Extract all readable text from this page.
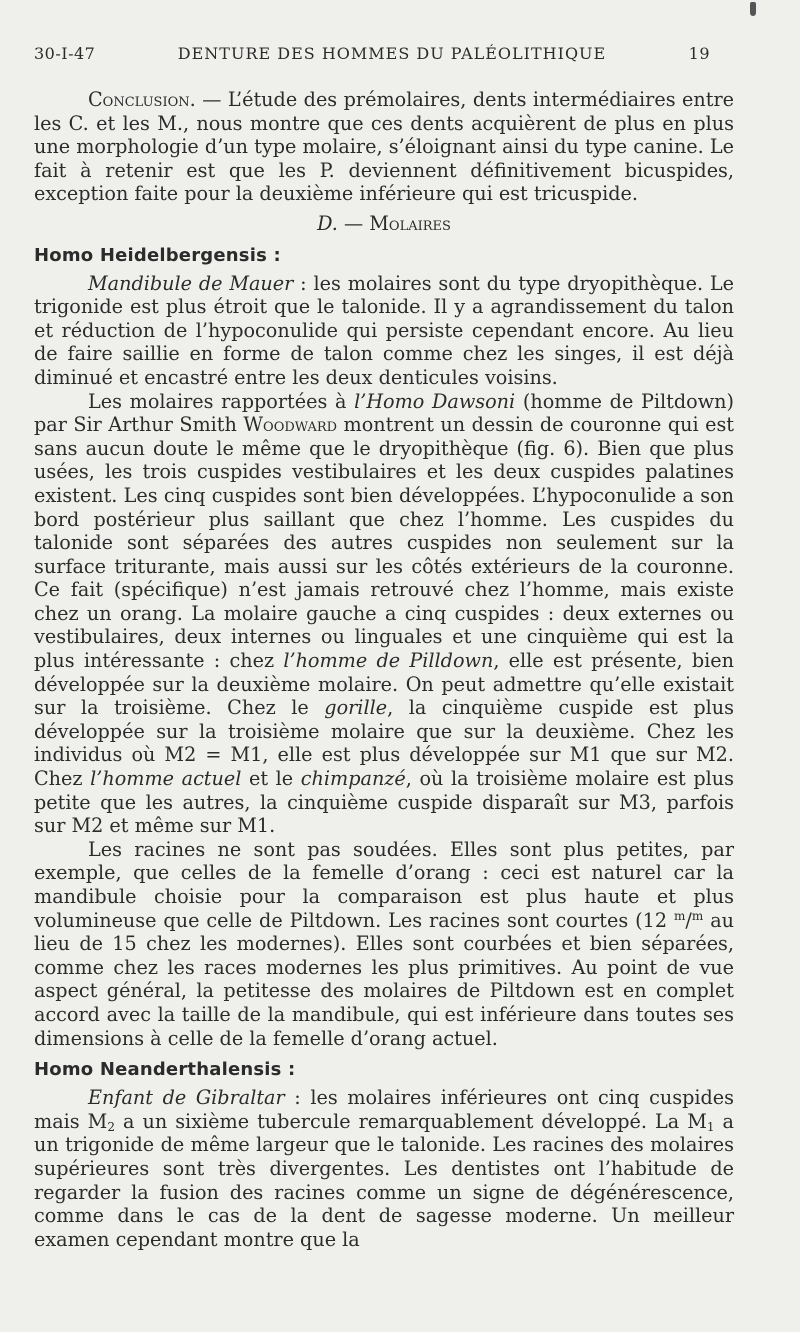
30-I-47	DENTURE DES HOMMES DU PALÉOLITHIQUE	19

Conclusion. — L’étude des prémolaires, dents intermédiaires entre les C. et les M., nous montre que ces dents acquièrent de plus en plus une morphologie d’un type molaire, s’éloignant ainsi du type canine. Le fait à retenir est que les P. deviennent définitivement bicuspides, exception faite pour la deuxième inférieure qui est tricuspide.

D. — Molaires

Homo Heidelbergensis :

Mandibule de Mauer : les molaires sont du type dryopithèque. Le trigonide est plus étroit que le talonide. Il y a agrandissement du talon et réduction de l’hypoconulide qui persiste cependant encore. Au lieu de faire saillie en forme de talon comme chez les singes, il est déjà diminué et encastré entre les deux denticules voisins.

Les molaires rapportées à l’Homo Dawsoni (homme de Piltdown) par Sir Arthur Smith Woodward montrent un dessin de couronne qui est sans aucun doute le même que le dryopithèque (fig. 6). Bien que plus usées, les trois cuspides vestibulaires et les deux cuspides palatines existent. Les cinq cuspides sont bien développées. L’hypoconulide a son bord postérieur plus saillant que chez l’homme. Les cuspides du talonide sont séparées des autres cuspides non seulement sur la surface triturante, mais aussi sur les côtés extérieurs de la couronne. Ce fait (spécifique) n’est jamais retrouvé chez l’homme, mais existe chez un orang. La molaire gauche a cinq cuspides : deux externes ou vestibulaires, deux internes ou linguales et une cinquième qui est la plus intéressante : chez l’homme de Pilldown, elle est présente, bien développée sur la deuxième molaire. On peut admettre qu’elle existait sur la troisième. Chez le gorille, la cinquième cuspide est plus développée sur la troisième molaire que sur la deuxième. Chez les individus où M2 = M1, elle est plus développée sur M1 que sur M2. Chez l’homme actuel et le chimpanzé, où la troisième molaire est plus petite que les autres, la cinquième cuspide disparaît sur M3, parfois sur M2 et même sur M1.

Les racines ne sont pas soudées. Elles sont plus petites, par exemple, que celles de la femelle d’orang : ceci est naturel car la mandibule choisie pour la comparaison est plus haute et plus volumineuse que celle de Piltdown. Les racines sont courtes (12 $^m$/$^m$ au lieu de 15 chez les modernes). Elles sont courbées et bien séparées, comme chez les races modernes les plus primitives. Au point de vue aspect général, la petitesse des molaires de Piltdown est en complet accord avec la taille de la mandibule, qui est inférieure dans toutes ses dimensions à celle de la femelle d’orang actuel.

Homo Neanderthalensis :

Enfant de Gibraltar : les molaires inférieures ont cinq cuspides mais $M_2$ a un sixième tubercule remarquablement développé. La $M_1$ a un trigonide de même largeur que le talonide. Les racines des molaires supérieures sont très divergentes. Les dentistes ont l’habitude de regarder la fusion des racines comme un signe de dégénérescence, comme dans le cas de la dent de sagesse moderne. Un meilleur examen cependant montre que la
